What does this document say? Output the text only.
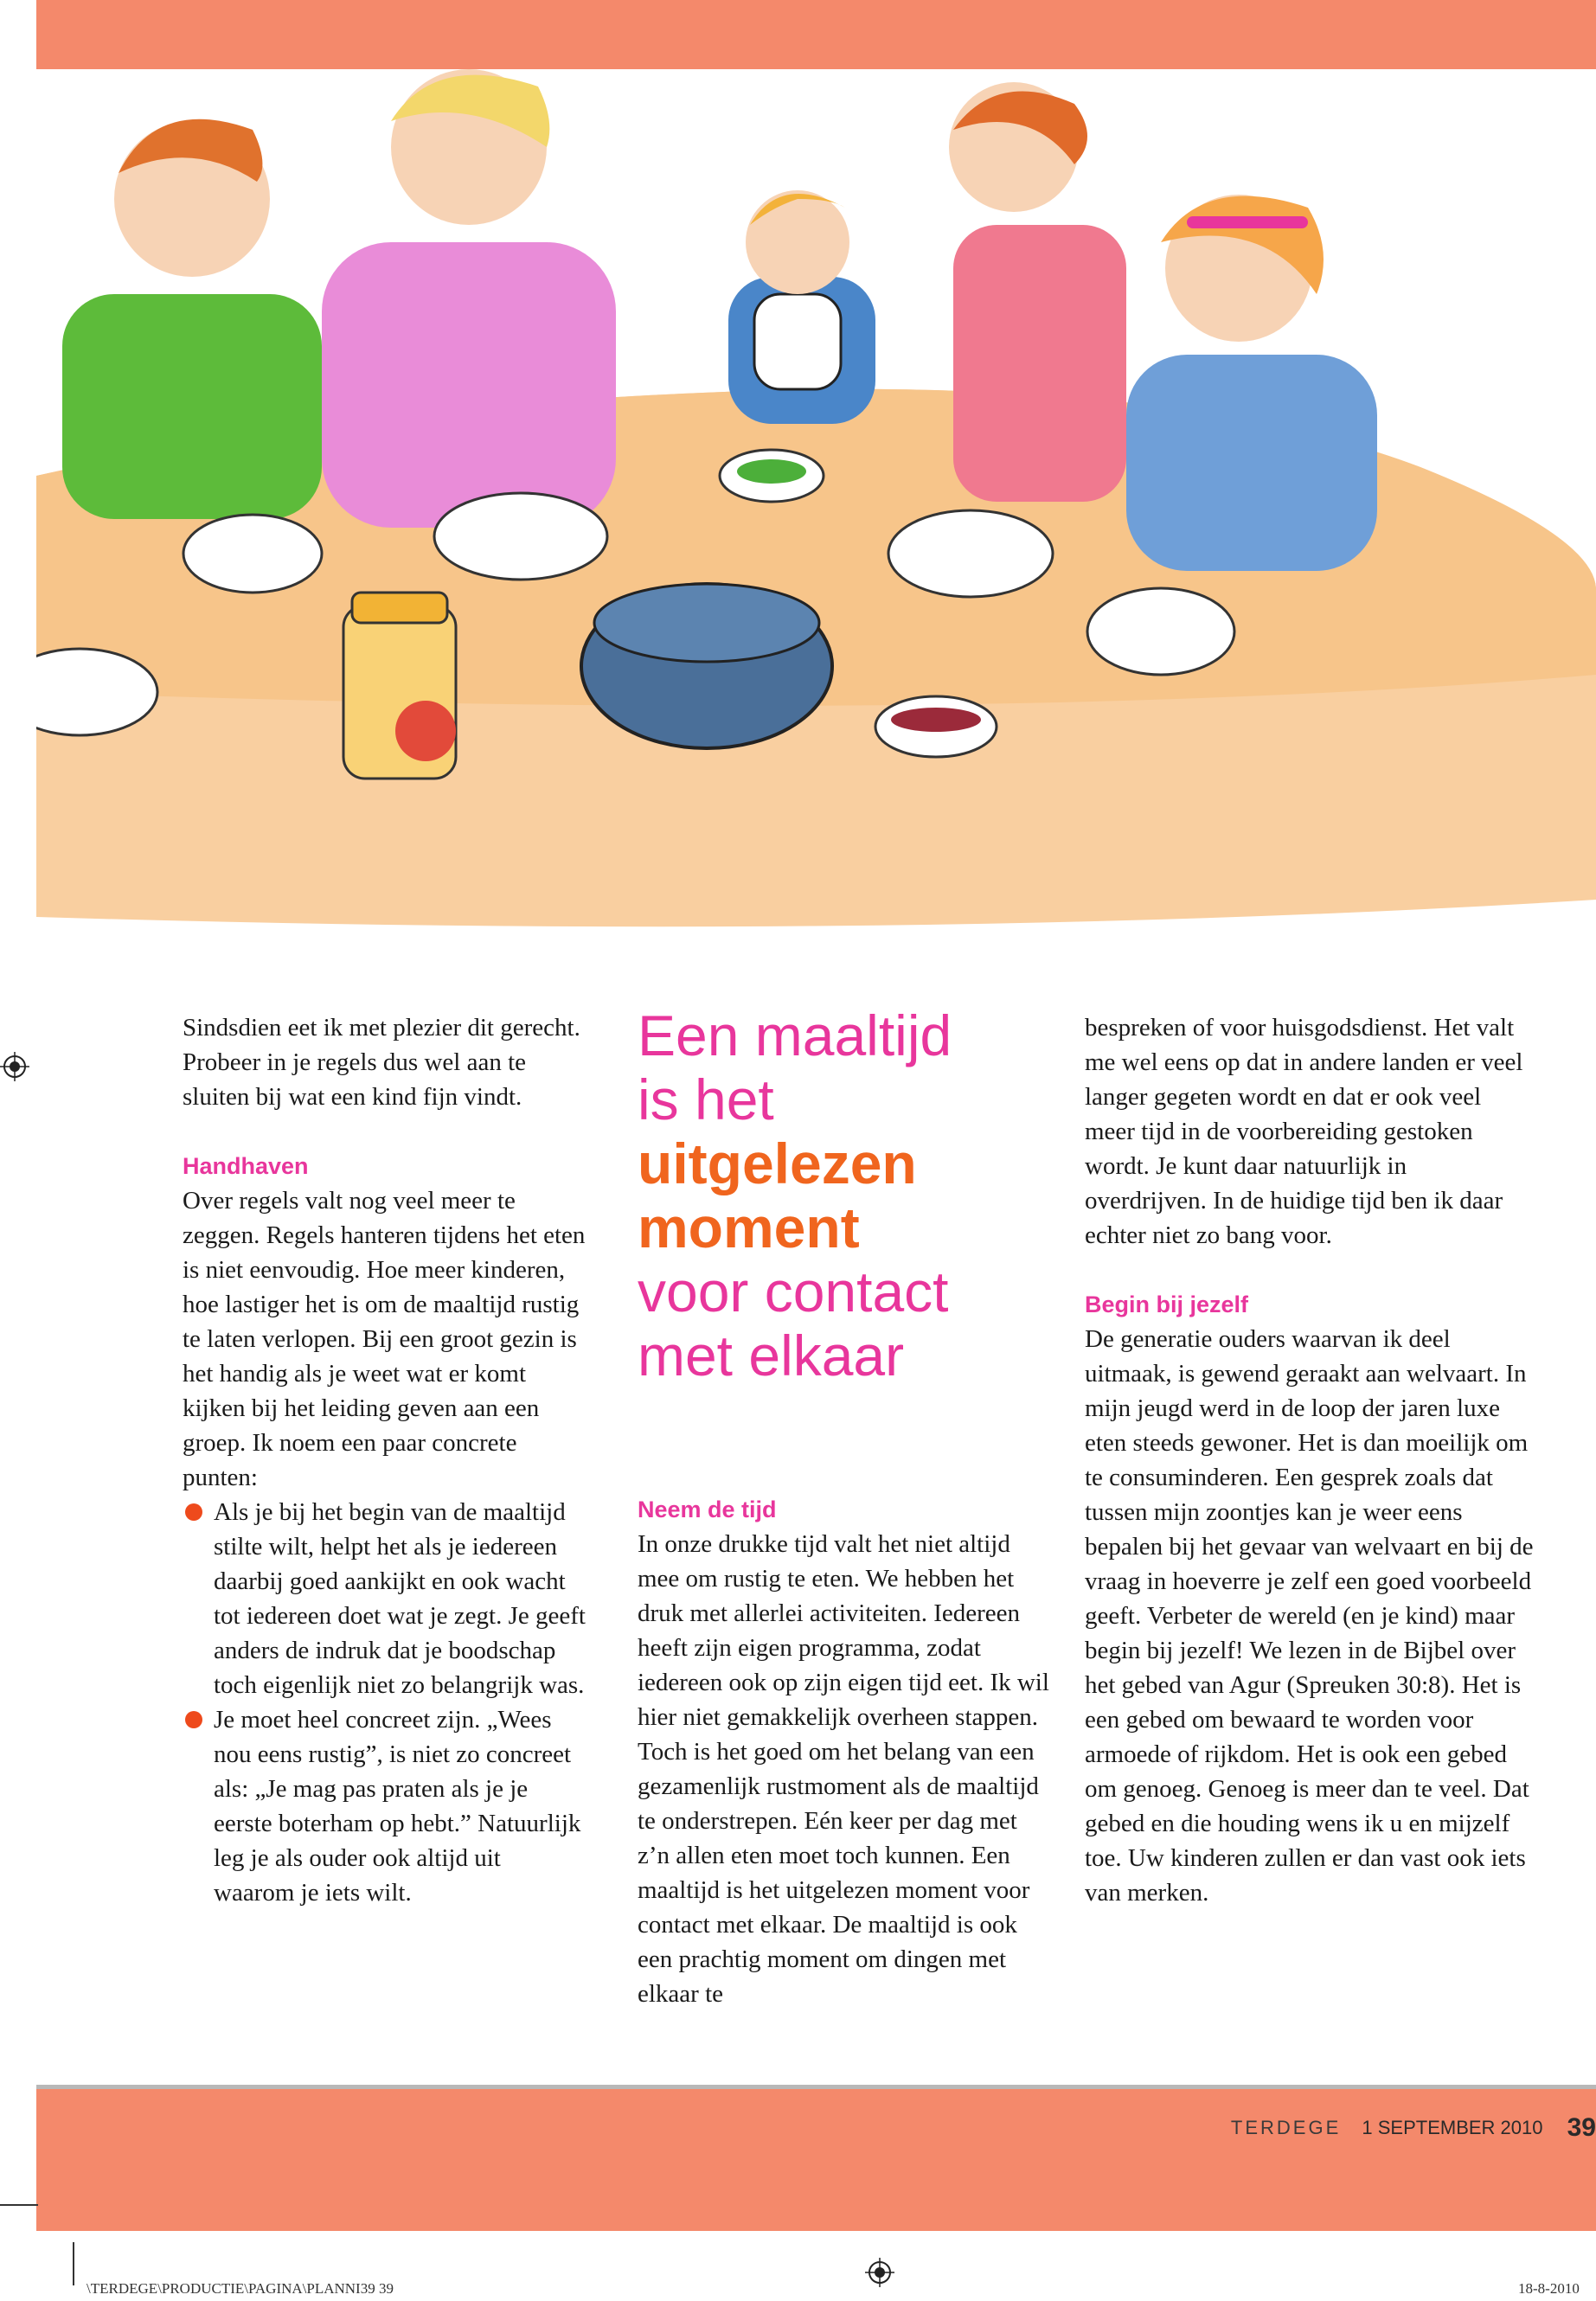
Sindsdien eet ik met plezier dit gerecht. Probeer in je regels dus wel aan te sluiten bij wat een kind fijn vindt.

Handhaven

Over regels valt nog veel meer te zeggen. Regels hanteren tijdens het eten is niet eenvoudig. Hoe meer kinderen, hoe lastiger het is om de maaltijd rustig te laten verlopen. Bij een groot gezin is het handig als je weet wat er komt kijken bij het leiding geven aan een groep. Ik noem een paar concrete punten:

Als je bij het begin van de maaltijd stilte wilt, helpt het als je iedereen daarbij goed aankijkt en ook wacht tot iedereen doet wat je zegt. Je geeft anders de indruk dat je boodschap toch eigenlijk niet zo belangrijk was.
Je moet heel concreet zijn. „Wees nou eens rustig”, is niet zo concreet als: „Je mag pas praten als je je eerste boterham op hebt.” Natuurlijk leg je als ouder ook altijd uit waarom je iets wilt.
Een maaltijd
is het
uitgelezen
moment
voor contact
met elkaar

Neem de tijd

In onze drukke tijd valt het niet altijd mee om rustig te eten. We hebben het druk met allerlei activiteiten. Iedereen heeft zijn eigen programma, zodat iedereen ook op zijn eigen tijd eet. Ik wil hier niet gemakkelijk overheen stappen. Toch is het goed om het belang van een gezamenlijk rustmoment als de maaltijd te onderstrepen. Eén keer per dag met z’n allen eten moet toch kunnen. Een maaltijd is het uitgelezen moment voor contact met elkaar. De maaltijd is ook een prachtig moment om dingen met elkaar te

bespreken of voor huisgodsdienst. Het valt me wel eens op dat in andere landen er veel langer gegeten wordt en dat er ook veel meer tijd in de voorbereiding gestoken wordt. Je kunt daar natuurlijk in overdrijven. In de huidige tijd ben ik daar echter niet zo bang voor.

Begin bij jezelf

De generatie ouders waarvan ik deel uitmaak, is gewend geraakt aan welvaart. In mijn jeugd werd in de loop der jaren luxe eten steeds gewoner. Het is dan moeilijk om te consuminderen. Een gesprek zoals dat tussen mijn zoontjes kan je weer eens bepalen bij het gevaar van welvaart en bij de vraag in hoeverre je zelf een goed voorbeeld geeft. Verbeter de wereld (en je kind) maar begin bij jezelf! We lezen in de Bijbel over het gebed van Agur (Spreuken 30:8). Het is een gebed om bewaard te worden voor armoede of rijkdom. Het is ook een gebed om genoeg. Genoeg is meer dan te veel. Dat gebed en die houding wens ik u en mijzelf toe. Uw kinderen zullen er dan vast ook iets van merken.

TERDEGE 1 SEPTEMBER 2010 39
\TERDEGE\PRODUCTIE\PAGINA\PLANNI39 39	18-8-2010
